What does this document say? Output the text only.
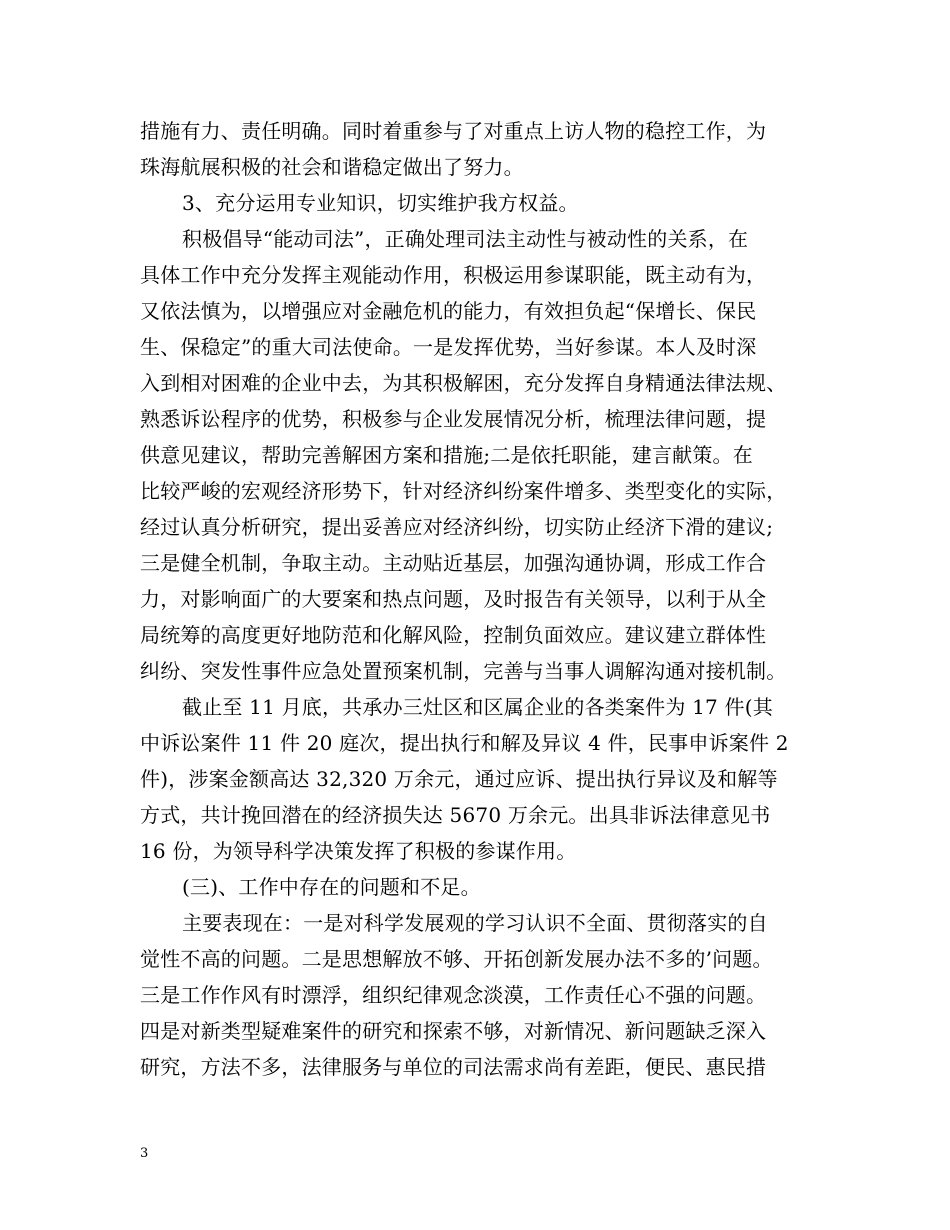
措施有力、责任明确。同时着重参与了对重点上访人物的稳控工作，为
珠海航展积极的社会和谐稳定做出了努力。
3、充分运用专业知识，切实维护我方权益。
积极倡导“能动司法”，正确处理司法主动性与被动性的关系，在
具体工作中充分发挥主观能动作用，积极运用参谋职能，既主动有为，
又依法慎为，以增强应对金融危机的能力，有效担负起“保增长、保民
生、保稳定”的重大司法使命。一是发挥优势，当好参谋。本人及时深
入到相对困难的企业中去，为其积极解困，充分发挥自身精通法律法规、
熟悉诉讼程序的优势，积极参与企业发展情况分析，梳理法律问题，提
供意见建议，帮助完善解困方案和措施;二是依托职能，建言献策。在
比较严峻的宏观经济形势下，针对经济纠纷案件增多、类型变化的实际，
经过认真分析研究，提出妥善应对经济纠纷，切实防止经济下滑的建议;
三是健全机制，争取主动。主动贴近基层，加强沟通协调，形成工作合
力，对影响面广的大要案和热点问题，及时报告有关领导，以利于从全
局统筹的高度更好地防范和化解风险，控制负面效应。建议建立群体性
纠纷、突发性事件应急处置预案机制，完善与当事人调解沟通对接机制。
截止至 11 月底，共承办三灶区和区属企业的各类案件为 17 件(其
中诉讼案件 11 件 20 庭次，提出执行和解及异议 4 件，民事申诉案件 2
件)，涉案金额高达 32,320 万余元，通过应诉、提出执行异议及和解等
方式，共计挽回潜在的经济损失达 5670 万余元。出具非诉法律意见书
16 份，为领导科学决策发挥了积极的参谋作用。
(三)、工作中存在的问题和不足。
主要表现在：一是对科学发展观的学习认识不全面、贯彻落实的自
觉性不高的问题。二是思想解放不够、开拓创新发展办法不多的’问题。
三是工作作风有时漂浮，组织纪律观念淡漠，工作责任心不强的问题。
四是对新类型疑难案件的研究和探索不够，对新情况、新问题缺乏深入
研究，方法不多，法律服务与单位的司法需求尚有差距，便民、惠民措
3
